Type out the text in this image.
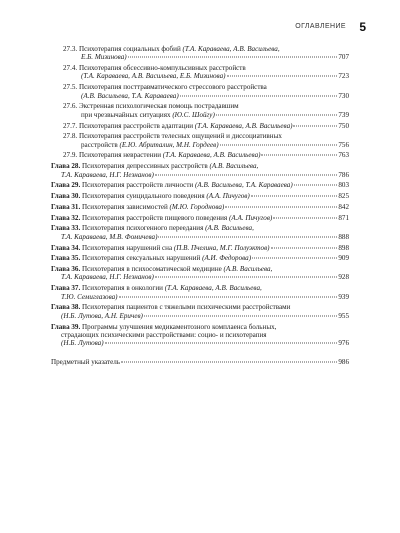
ОГЛАВЛЕНИЕ 5
27.3. Психотерапия социальных фобий (Т.А. Караваева, А.В. Васильева,
Е.Б. Мизинова)	707
27.4. Психотерапия обсессивно-компульсивных расстройств
(Т.А. Караваева, А.В. Васильева, Е.Б. Мизинова)	723
27.5. Психотерапия посттравматического стрессового расстройства
(А.В. Васильева, Т.А. Караваева)	730
27.6. Экстренная психологическая помощь пострадавшим
при чрезвычайных ситуациях (Ю.С. Шойгу)	739
27.7. Психотерапия расстройств адаптации (Т.А. Караваева, А.В. Васильева)	750
27.8. Психотерапия расстройств телесных ощущений и диссоциативных
расстройств (Е.Ю. Абриталин, М.Н. Гордеев)	756
27.9. Психотерапия неврастении (Т.А. Караваева, А.В. Васильева)	763
Глава 28. Психотерапия депрессивных расстройств (А.В. Васильева,
Т.А. Караваева, Н.Г. Незнанов)	786
Глава 29. Психотерапия расстройств личности (А.В. Васильева, Т.А. Караваева)	803
Глава 30. Психотерапия суицидального поведения (А.А. Пичугов)	825
Глава 31. Психотерапия зависимостей (М.Ю. Городнова)	842
Глава 32. Психотерапия расстройств пищевого поведения (А.А. Пичугов)	871
Глава 33. Психотерапия психогенного переедания (А.В. Васильева,
Т.А. Караваева, М.В. Фомичева)	888
Глава 34. Психотерапия нарушений сна (П.В. Пчелина, М.Г. Полуэктов)	898
Глава 35. Психотерапия сексуальных нарушений (А.И. Федорова)	909
Глава 36. Психотерапия в психосоматической медицине (А.В. Васильева,
Т.А. Караваева, Н.Г. Незнанов)	928
Глава 37. Психотерапия в онкологии (Т.А. Караваева, А.В. Васильева,
Т.Ю. Семиглазова)	939
Глава 38. Психотерапия пациентов с тяжелыми психическими расстройствами
(Н.Б. Лутова, А.Н. Еричев)	955
Глава 39. Программы улучшения медикаментозного комплаенса больных,
страдающих психическими расстройствами: социо- и психотерапия
(Н.Б. Лутова)	976
Предметный указатель	986
